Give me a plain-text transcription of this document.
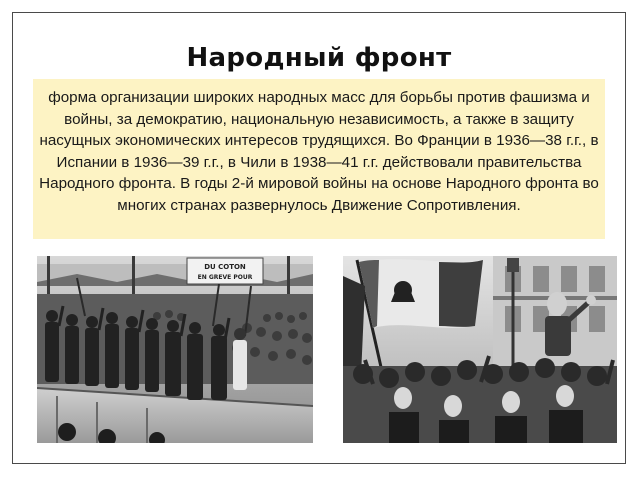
Народный фронт
форма организации широких народных масс для борьбы против фашизма и войны, за демократию, национальную независимость, а также в защиту насущных экономических интересов трудящихся. Во Франции в 1936—38 г.г., в Испании в 1936—39 г.г., в Чили в 1938—41 г.г. действовали правительства Народного фронта. В годы 2-й мировой войны на основе Народного фронта во многих странах развернулось Движение Сопротивления.
DU COTON
EN GREVE POUR
